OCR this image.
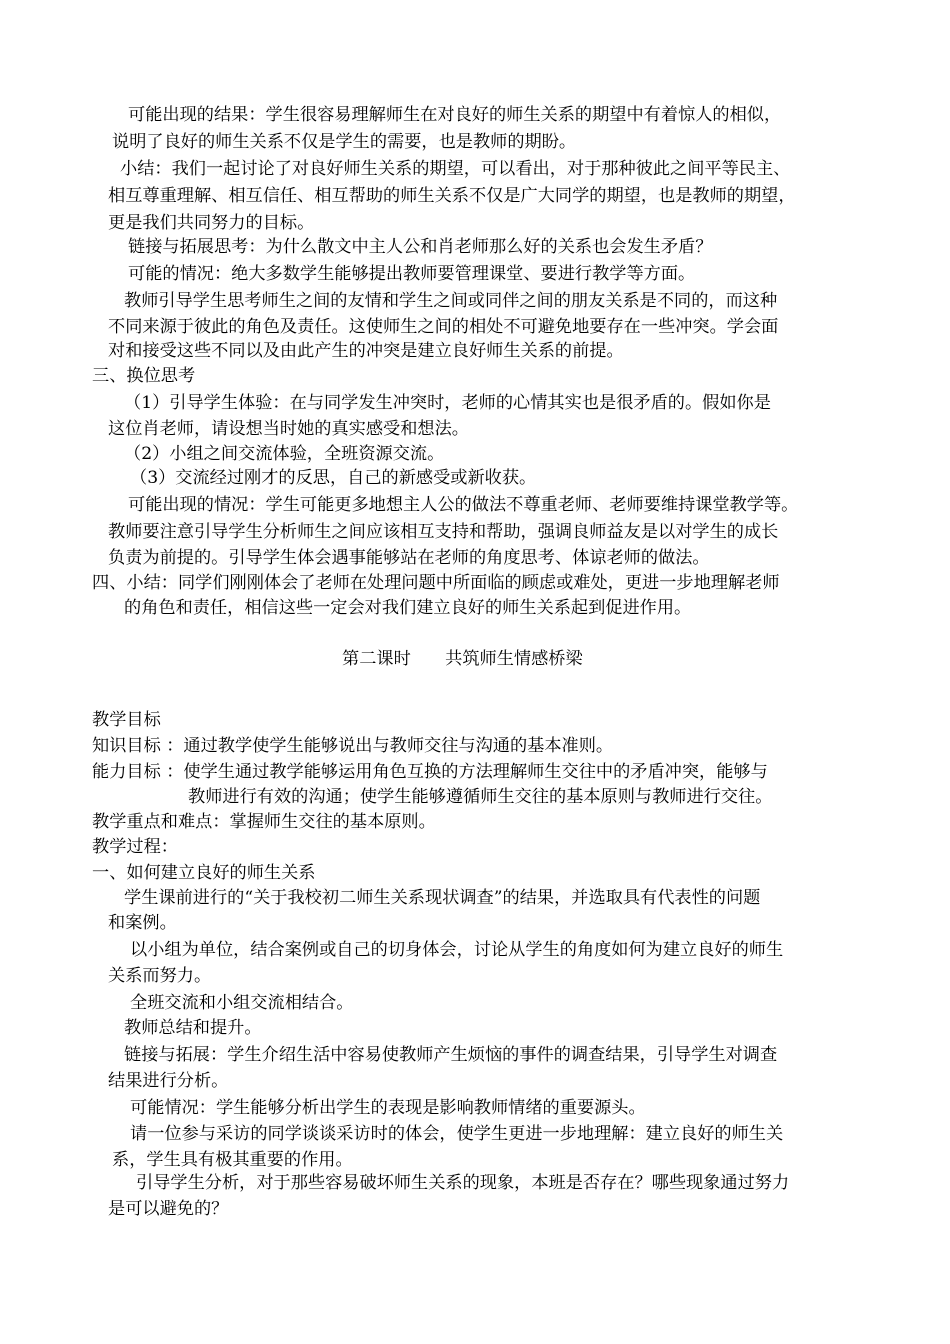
可能出现的结果：学生很容易理解师生在对良好的师生关系的期望中有着惊人的相似，
说明了良好的师生关系不仅是学生的需要，也是教师的期盼。
小结：我们一起讨论了对良好师生关系的期望，可以看出，对于那种彼此之间平等民主、
相互尊重理解、相互信任、相互帮助的师生关系不仅是广大同学的期望，也是教师的期望，
更是我们共同努力的目标。
链接与拓展思考：为什么散文中主人公和肖老师那么好的关系也会发生矛盾？
可能的情况：绝大多数学生能够提出教师要管理课堂、要进行教学等方面。
教师引导学生思考师生之间的友情和学生之间或同伴之间的朋友关系是不同的，而这种
不同来源于彼此的角色及责任。这使师生之间的相处不可避免地要存在一些冲突。学会面
对和接受这些不同以及由此产生的冲突是建立良好师生关系的前提。
三、换位思考
（1）引导学生体验：在与同学发生冲突时，老师的心情其实也是很矛盾的。假如你是
这位肖老师，请设想当时她的真实感受和想法。
（2）小组之间交流体验，全班资源交流。
（3）交流经过刚才的反思，自己的新感受或新收获。
可能出现的情况：学生可能更多地想主人公的做法不尊重老师、老师要维持课堂教学等。
教师要注意引导学生分析师生之间应该相互支持和帮助，强调良师益友是以对学生的成长
负责为前提的。引导学生体会遇事能够站在老师的角度思考、体谅老师的做法。
四、小结：同学们刚刚体会了老师在处理问题中所面临的顾虑或难处，更进一步地理解老师
的角色和责任，相信这些一定会对我们建立良好的师生关系起到促进作用。
第二课时　　共筑师生情感桥梁
教学目标
知识目标 ：通过教学使学生能够说出与教师交往与沟通的基本准则。
能力目标 ：使学生通过教学能够运用角色互换的方法理解师生交往中的矛盾冲突，能够与
教师进行有效的沟通；使学生能够遵循师生交往的基本原则与教师进行交往。
教学重点和难点：掌握师生交往的基本原则。
教学过程：
一、如何建立良好的师生关系
学生课前进行的“关于我校初二师生关系现状调查”的结果，并选取具有代表性的问题
和案例。
以小组为单位，结合案例或自己的切身体会，讨论从学生的角度如何为建立良好的师生
关系而努力。
全班交流和小组交流相结合。
教师总结和提升。
链接与拓展：学生介绍生活中容易使教师产生烦恼的事件的调查结果，引导学生对调查
结果进行分析。
可能情况：学生能够分析出学生的表现是影响教师情绪的重要源头。
请一位参与采访的同学谈谈采访时的体会，使学生更进一步地理解：建立良好的师生关
系，学生具有极其重要的作用。
引导学生分析，对于那些容易破坏师生关系的现象，本班是否存在？哪些现象通过努力
是可以避免的？
